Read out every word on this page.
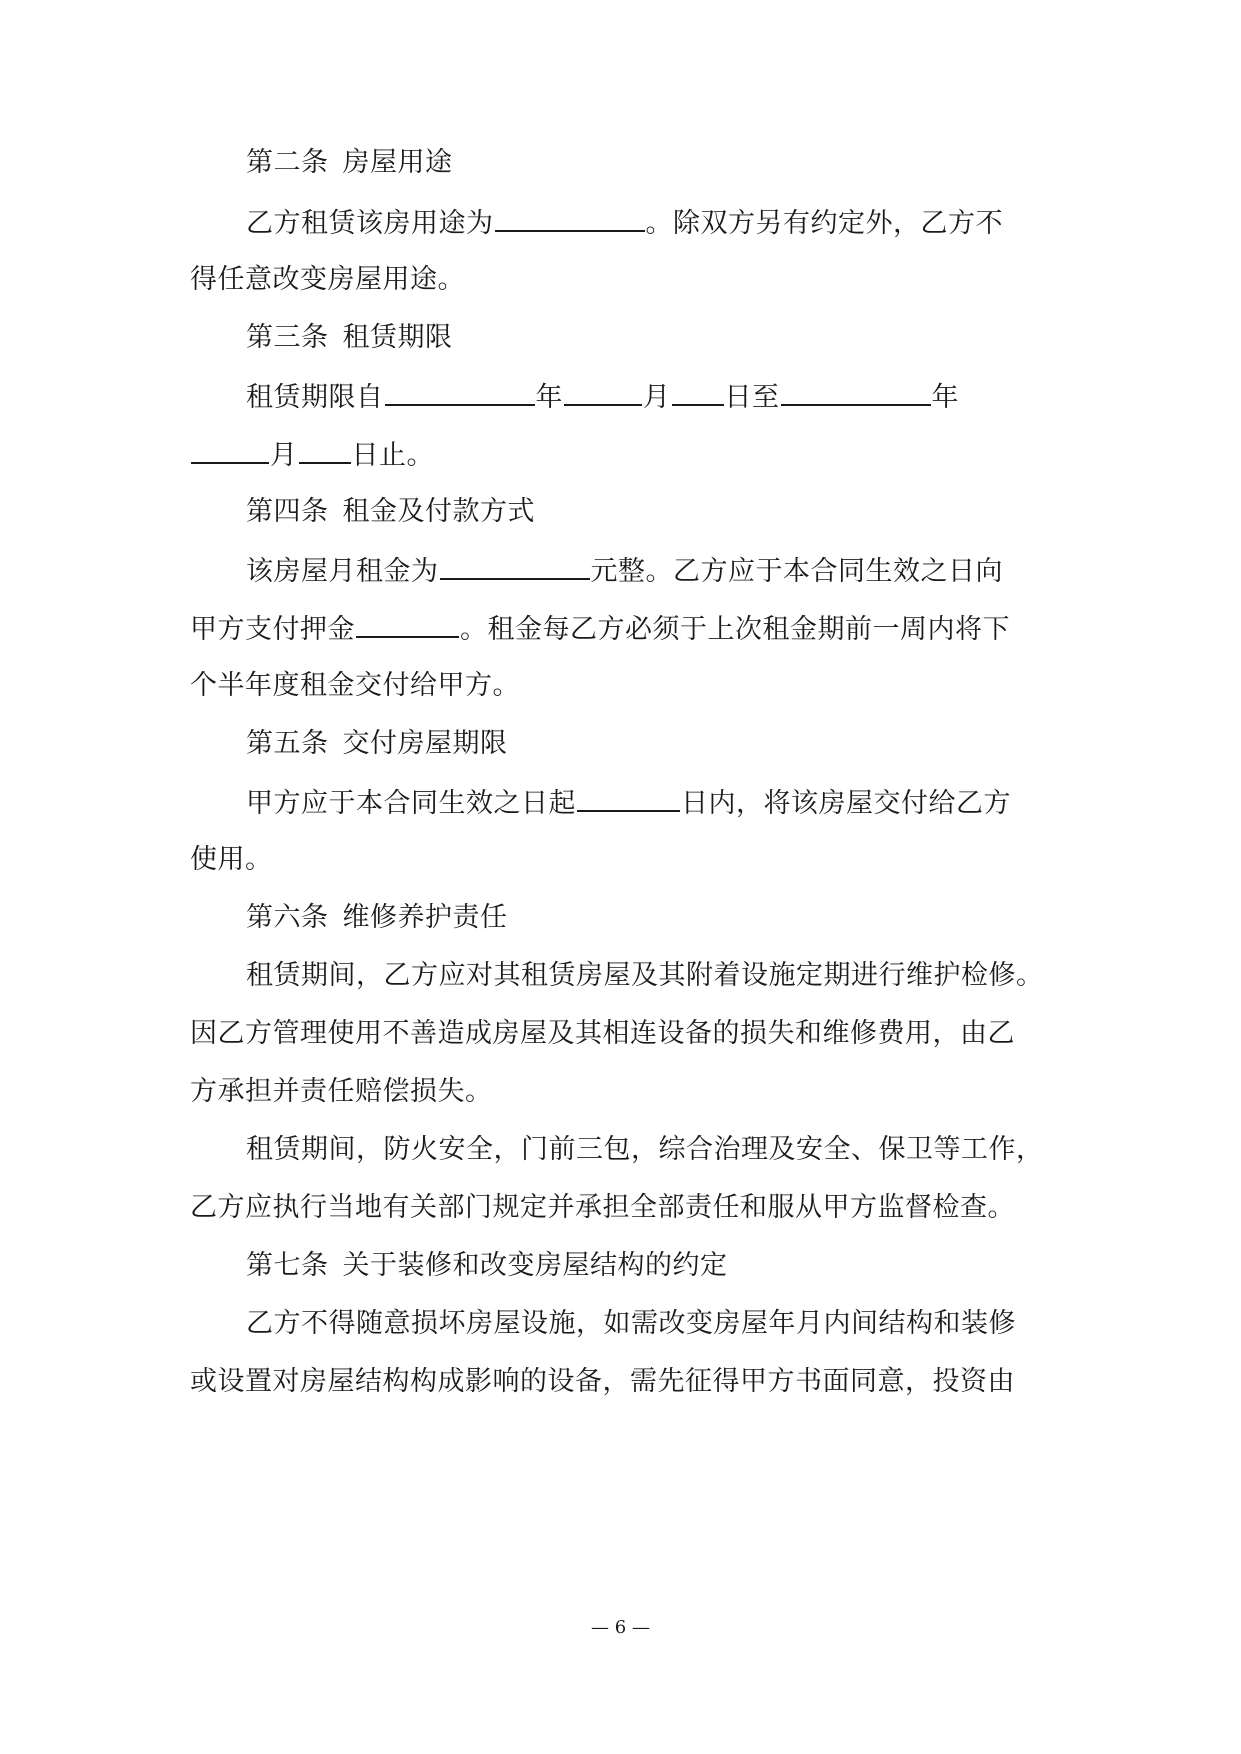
第二条 房屋用途
乙方租赁该房用途为	。除双方另有约定外，乙方不
得任意改变房屋用途。
第三条 租赁期限
租赁期限自	年	月 日至	年
月 日止。
第四条 租金及付款方式
该房屋月租金为	元整。乙方应于本合同生效之日向
甲方支付押金	。租金每乙方必须于上次租金期前一周内将下
个半年度租金交付给甲方。
第五条 交付房屋期限
甲方应于本合同生效之日起	日内，将该房屋交付给乙方
使用。
第六条 维修养护责任
租赁期间，乙方应对其租赁房屋及其附着设施定期进行维护检修。
因乙方管理使用不善造成房屋及其相连设备的损失和维修费用，由乙
方承担并责任赔偿损失。
租赁期间，防火安全，门前三包，综合治理及安全、保卫等工作，
乙方应执行当地有关部门规定并承担全部责任和服从甲方监督检查。
第七条 关于装修和改变房屋结构的约定
乙方不得随意损坏房屋设施，如需改变房屋年月内间结构和装修
或设置对房屋结构构成影响的设备，需先征得甲方书面同意，投资由
— 6 —
